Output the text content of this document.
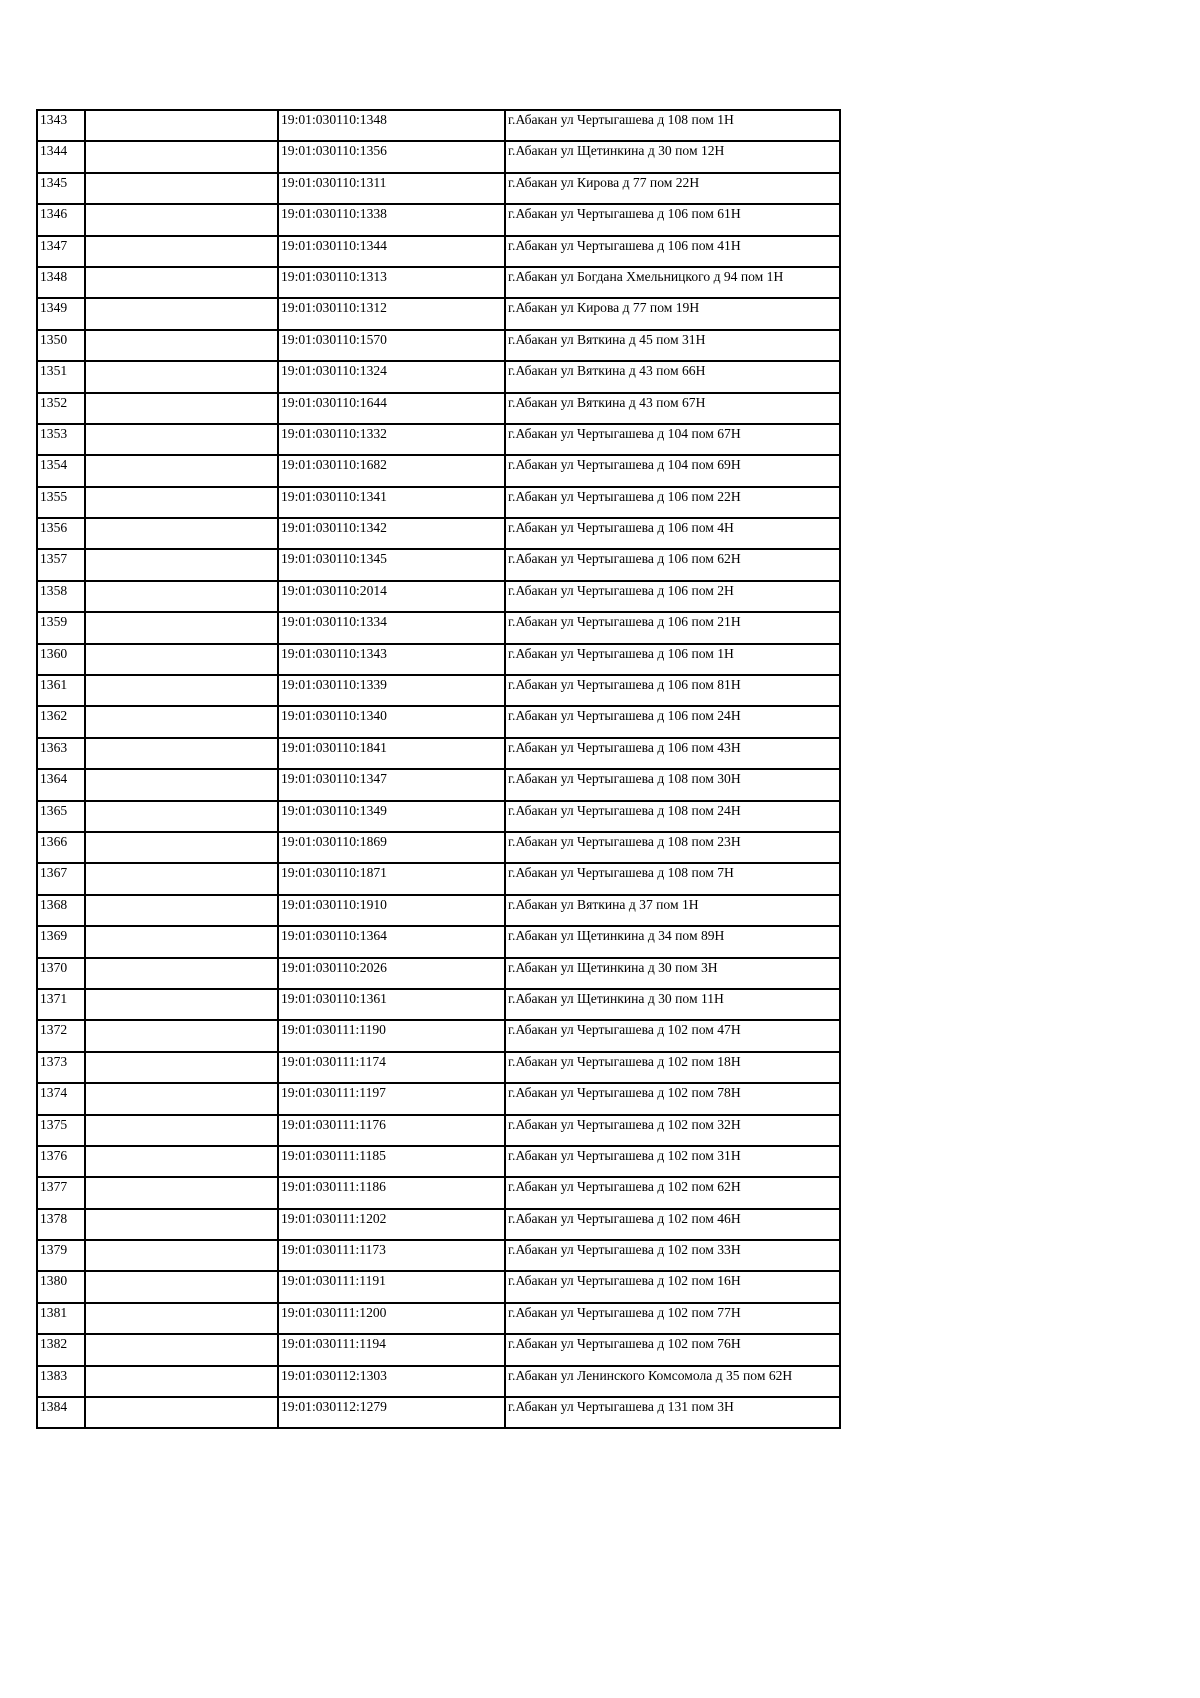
1343		19:01:030110:1348	г.Абакан ул Чертыгашева д 108 пом 1Н

1344		19:01:030110:1356	г.Абакан ул Щетинкина д 30 пом 12Н

1345		19:01:030110:1311	г.Абакан ул Кирова д 77 пом 22Н

1346		19:01:030110:1338	г.Абакан ул Чертыгашева д 106 пом 61Н

1347		19:01:030110:1344	г.Абакан ул Чертыгашева д 106 пом 41Н

1348		19:01:030110:1313	г.Абакан ул Богдана Хмельницкого д 94 пом 1Н

1349		19:01:030110:1312	г.Абакан ул Кирова д 77 пом 19Н

1350		19:01:030110:1570	г.Абакан ул Вяткина д 45 пом 31Н

1351		19:01:030110:1324	г.Абакан ул Вяткина д 43 пом 66Н

1352		19:01:030110:1644	г.Абакан ул Вяткина д 43 пом 67Н

1353		19:01:030110:1332	г.Абакан ул Чертыгашева д 104 пом 67Н

1354		19:01:030110:1682	г.Абакан ул Чертыгашева д 104 пом 69Н

1355		19:01:030110:1341	г.Абакан ул Чертыгашева д 106 пом 22Н

1356		19:01:030110:1342	г.Абакан ул Чертыгашева д 106 пом 4Н

1357		19:01:030110:1345	г.Абакан ул Чертыгашева д 106 пом 62Н

1358		19:01:030110:2014	г.Абакан ул Чертыгашева д 106 пом 2Н

1359		19:01:030110:1334	г.Абакан ул Чертыгашева д 106 пом 21Н

1360		19:01:030110:1343	г.Абакан ул Чертыгашева д 106 пом 1Н

1361		19:01:030110:1339	г.Абакан ул Чертыгашева д 106 пом 81Н

1362		19:01:030110:1340	г.Абакан ул Чертыгашева д 106 пом 24Н

1363		19:01:030110:1841	г.Абакан ул Чертыгашева д 106 пом 43Н

1364		19:01:030110:1347	г.Абакан ул Чертыгашева д 108 пом 30Н

1365		19:01:030110:1349	г.Абакан ул Чертыгашева д 108 пом 24Н

1366		19:01:030110:1869	г.Абакан ул Чертыгашева д 108 пом 23Н

1367		19:01:030110:1871	г.Абакан ул Чертыгашева д 108 пом 7Н

1368		19:01:030110:1910	г.Абакан ул Вяткина д 37 пом 1Н

1369		19:01:030110:1364	г.Абакан ул Щетинкина д 34 пом 89Н

1370		19:01:030110:2026	г.Абакан ул Щетинкина д 30 пом 3Н

1371		19:01:030110:1361	г.Абакан ул Щетинкина д 30 пом 11Н

1372		19:01:030111:1190	г.Абакан ул Чертыгашева д 102 пом 47Н

1373		19:01:030111:1174	г.Абакан ул Чертыгашева д 102 пом 18Н

1374		19:01:030111:1197	г.Абакан ул Чертыгашева д 102 пом 78Н

1375		19:01:030111:1176	г.Абакан ул Чертыгашева д 102 пом 32Н

1376		19:01:030111:1185	г.Абакан ул Чертыгашева д 102 пом 31Н

1377		19:01:030111:1186	г.Абакан ул Чертыгашева д 102 пом 62Н

1378		19:01:030111:1202	г.Абакан ул Чертыгашева д 102 пом 46Н

1379		19:01:030111:1173	г.Абакан ул Чертыгашева д 102 пом 33Н

1380		19:01:030111:1191	г.Абакан ул Чертыгашева д 102 пом 16Н

1381		19:01:030111:1200	г.Абакан ул Чертыгашева д 102 пом 77Н

1382		19:01:030111:1194	г.Абакан ул Чертыгашева д 102 пом 76Н

1383		19:01:030112:1303	г.Абакан ул Ленинского Комсомола д 35 пом 62Н

1384		19:01:030112:1279	г.Абакан ул Чертыгашева д 131 пом 3Н
